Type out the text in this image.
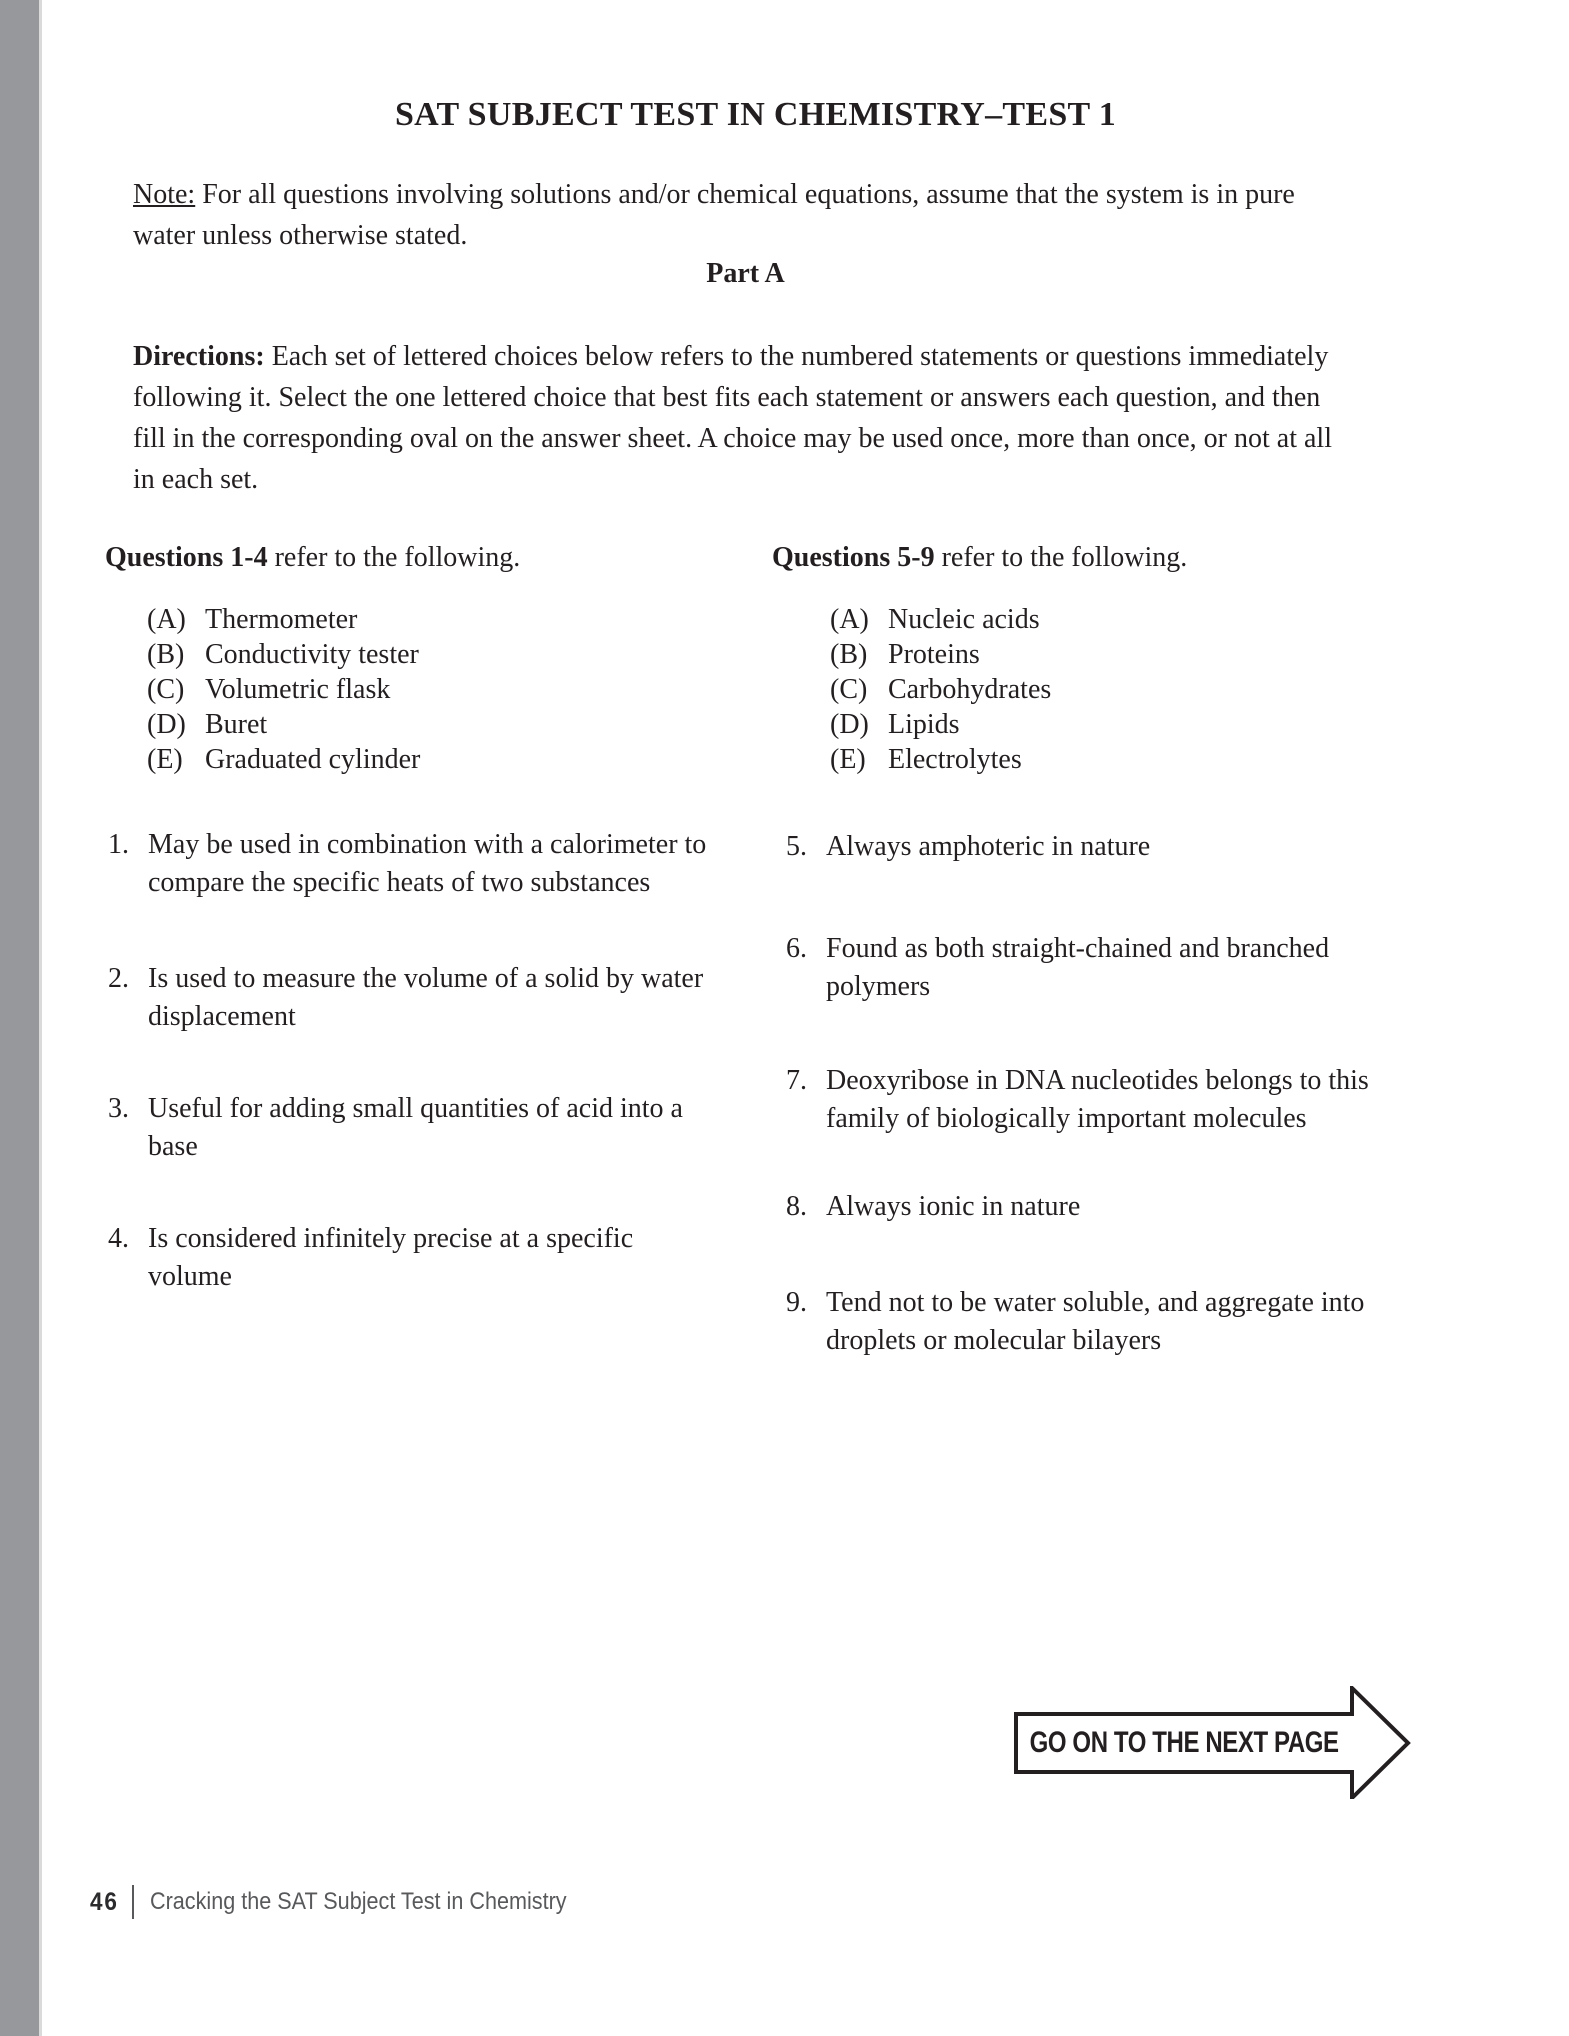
SAT SUBJECT TEST IN CHEMISTRY–TEST 1

Note: For all questions involving solutions and/or chemical equations, assume that the system is in pure water unless otherwise stated.

Part A

Directions: Each set of lettered choices below refers to the numbered statements or questions immediately following it. Select the one lettered choice that best fits each statement or answers each question, and then fill in the corresponding oval on the answer sheet. A choice may be used once, more than once, or not at all in each set.

Questions 1-4 refer to the following.

(A) Thermometer
(B) Conductivity tester
(C) Volumetric flask
(D) Buret
(E) Graduated cylinder

Questions 5-9 refer to the following.

(A) Nucleic acids
(B) Proteins
(C) Carbohydrates
(D) Lipids
(E) Electrolytes
1. May be used in combination with a calorimeter to compare the specific heats of two substances
2. Is used to measure the volume of a solid by water displacement
3. Useful for adding small quantities of acid into a base
4. Is considered infinitely precise at a specific volume
5. Always amphoteric in nature
6. Found as both straight-chained and branched polymers
7. Deoxyribose in DNA nucleotides belongs to this family of biologically important molecules
8. Always ionic in nature
9. Tend not to be water soluble, and aggregate into droplets or molecular bilayers
GO ON TO THE NEXT PAGE
46 Cracking the SAT Subject Test in Chemistry
